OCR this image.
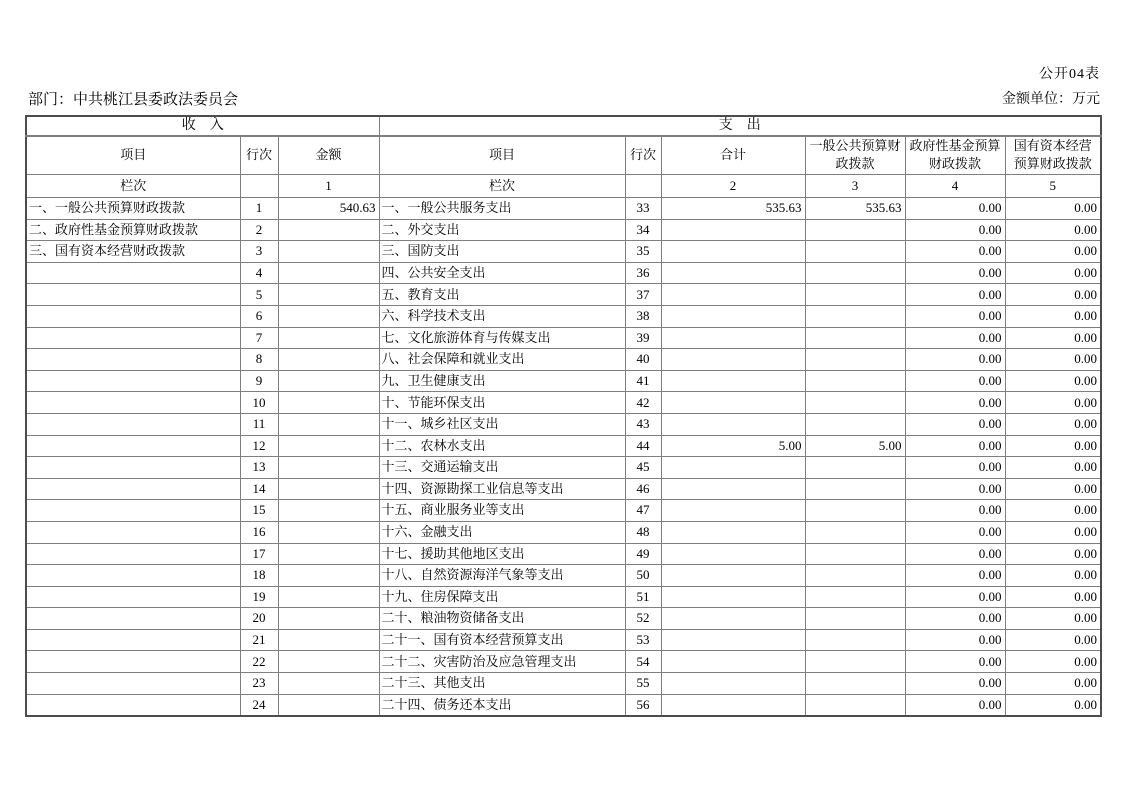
公开04表
部门：中共桃江县委政法委员会	金额单位：万元
收　入			支　出					
项目	行次	金额	项目	行次	合计	一般公共预算财政拨款	政府性基金预算财政拨款	国有资本经营预算财政拨款
栏次		1	栏次		2	3	4	5
一、一般公共预算财政拨款	1	540.63	一、一般公共服务支出	33	535.63	535.63	0.00	0.00
二、政府性基金预算财政拨款	2		二、外交支出	34			0.00	0.00
三、国有资本经营财政拨款	3		三、国防支出	35			0.00	0.00
	4		四、公共安全支出	36			0.00	0.00
	5		五、教育支出	37			0.00	0.00
	6		六、科学技术支出	38			0.00	0.00
	7		七、文化旅游体育与传媒支出	39			0.00	0.00
	8		八、社会保障和就业支出	40			0.00	0.00
	9		九、卫生健康支出	41			0.00	0.00
	10		十、节能环保支出	42			0.00	0.00
	11		十一、城乡社区支出	43			0.00	0.00
	12		十二、农林水支出	44	5.00	5.00	0.00	0.00
	13		十三、交通运输支出	45			0.00	0.00
	14		十四、资源勘探工业信息等支出	46			0.00	0.00
	15		十五、商业服务业等支出	47			0.00	0.00
	16		十六、金融支出	48			0.00	0.00
	17		十七、援助其他地区支出	49			0.00	0.00
	18		十八、自然资源海洋气象等支出	50			0.00	0.00
	19		十九、住房保障支出	51			0.00	0.00
	20		二十、粮油物资储备支出	52			0.00	0.00
	21		二十一、国有资本经营预算支出	53			0.00	0.00
	22		二十二、灾害防治及应急管理支出	54			0.00	0.00
	23		二十三、其他支出	55			0.00	0.00
	24		二十四、债务还本支出	56			0.00	0.00
